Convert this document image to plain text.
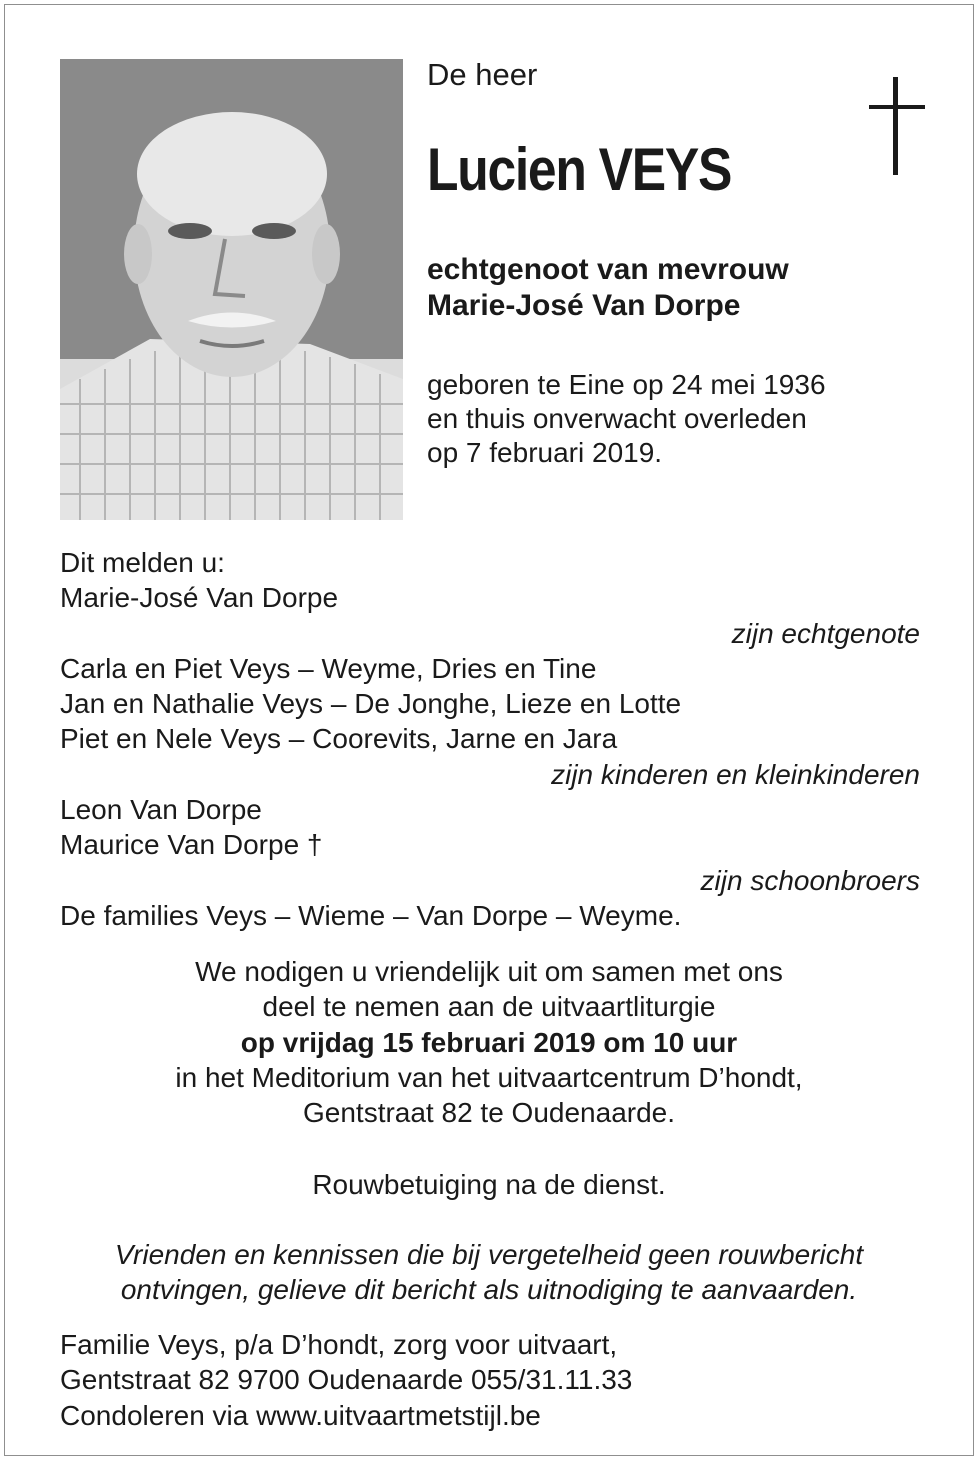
De heer

Lucien VEYS

echtgenoot van mevrouw
Marie-José Van Dorpe
geboren te Eine op 24 mei 1936
en thuis onverwacht overleden
op 7 februari 2019.
Dit melden u:
Marie-José Van Dorpe
zijn echtgenote
Carla en Piet Veys – Weyme, Dries en Tine
Jan en Nathalie Veys – De Jonghe, Lieze en Lotte
Piet en Nele Veys – Coorevits, Jarne en Jara
zijn kinderen en kleinkinderen
Leon Van Dorpe
Maurice Van Dorpe †
zijn schoonbroers
De families Veys – Wieme – Van Dorpe – Weyme.
We nodigen u vriendelijk uit om samen met ons
deel te nemen aan de uitvaartliturgie
op vrijdag 15 februari 2019 om 10 uur
in het Meditorium van het uitvaartcentrum D’hondt,
Gentstraat 82 te Oudenaarde.
Rouwbetuiging na de dienst.
Vrienden en kennissen die bij vergetelheid geen rouwbericht
ontvingen, gelieve dit bericht als uitnodiging te aanvaarden.
Familie Veys, p/a D’hondt, zorg voor uitvaart,
Gentstraat 82 9700 Oudenaarde 055/31.11.33
Condoleren via www.uitvaartmetstijl.be
